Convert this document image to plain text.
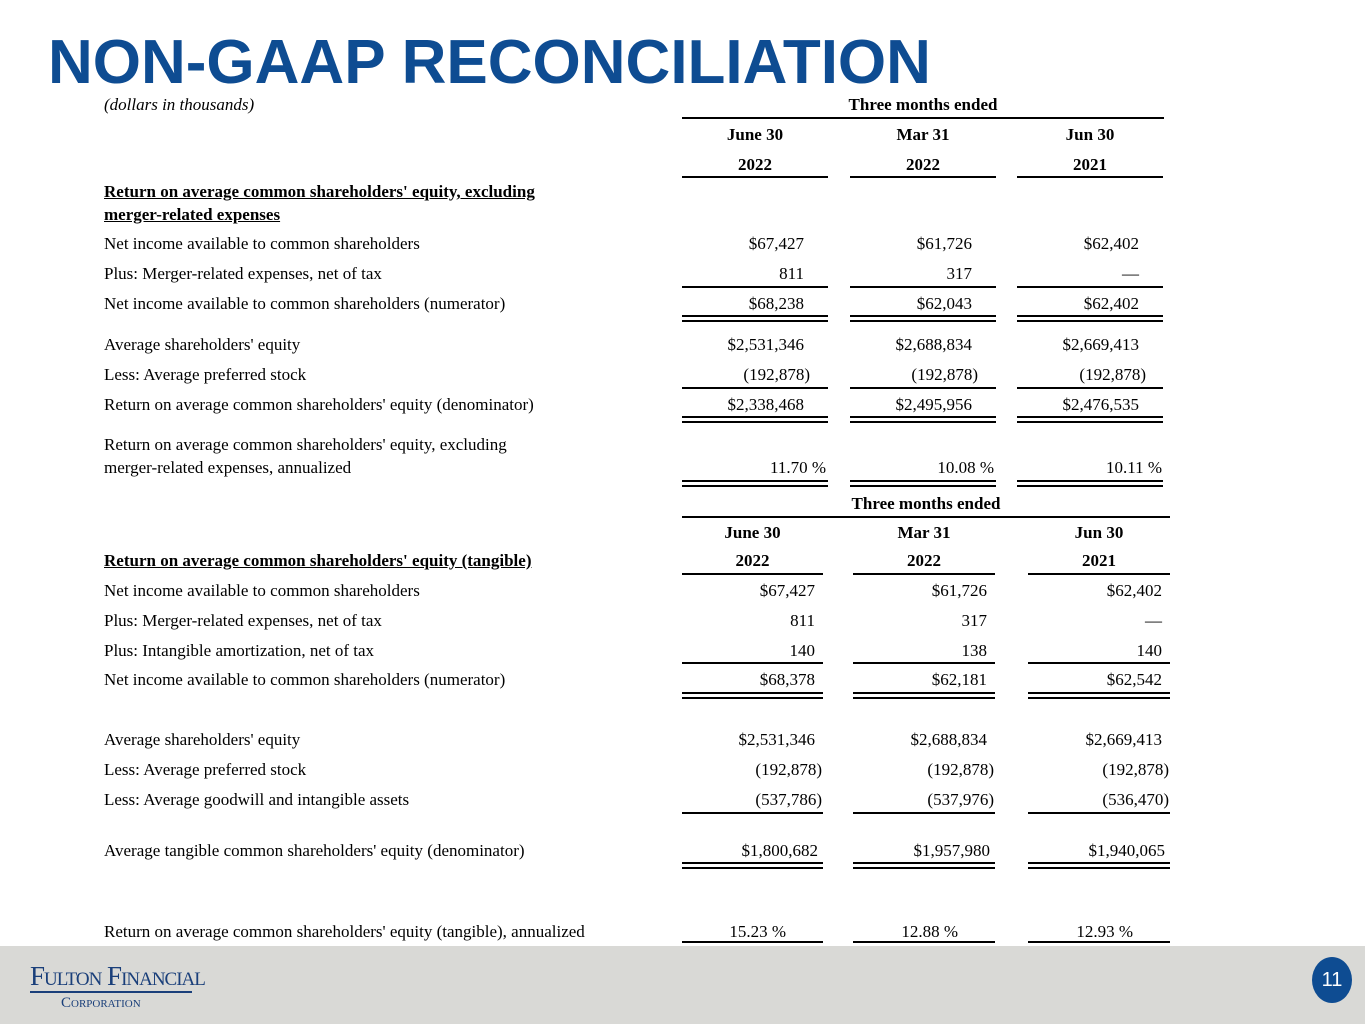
NON-GAAP RECONCILIATION
(dollars in thousands)	Three months ended
June 30	Mar 31	Jun 30
2022	2022	2021
Return on average common shareholders' equity, excluding
merger-related expenses
Net income available to common shareholders	$67,427	$61,726	$62,402
Plus: Merger-related expenses, net of tax	811	317	—
Net income available to common shareholders (numerator)	$68,238	$62,043	$62,402
Average shareholders' equity	$2,531,346	$2,688,834	$2,669,413
Less: Average preferred stock	(192,878)	(192,878)	(192,878)
Return on average common shareholders' equity (denominator)	$2,338,468	$2,495,956	$2,476,535
Return on average common shareholders' equity, excluding
merger-related expenses, annualized	11.70 %	10.08 %	10.11 %
Three months ended
June 30	Mar 31	Jun 30
Return on average common shareholders' equity (tangible)	2022	2022	2021
Net income available to common shareholders	$67,427	$61,726	$62,402
Plus: Merger-related expenses, net of tax	811	317	—
Plus: Intangible amortization, net of tax	140	138	140
Net income available to common shareholders (numerator)	$68,378	$62,181	$62,542
Average shareholders' equity	$2,531,346	$2,688,834	$2,669,413
Less: Average preferred stock	(192,878)	(192,878)	(192,878)
Less: Average goodwill and intangible assets	(537,786)	(537,976)	(536,470)
Average tangible common shareholders' equity (denominator)	$1,800,682	$1,957,980	$1,940,065
Return on average common shareholders' equity (tangible), annualized	15.23 %	12.88 %	12.93 %
Fulton Financial
Corporation
11
